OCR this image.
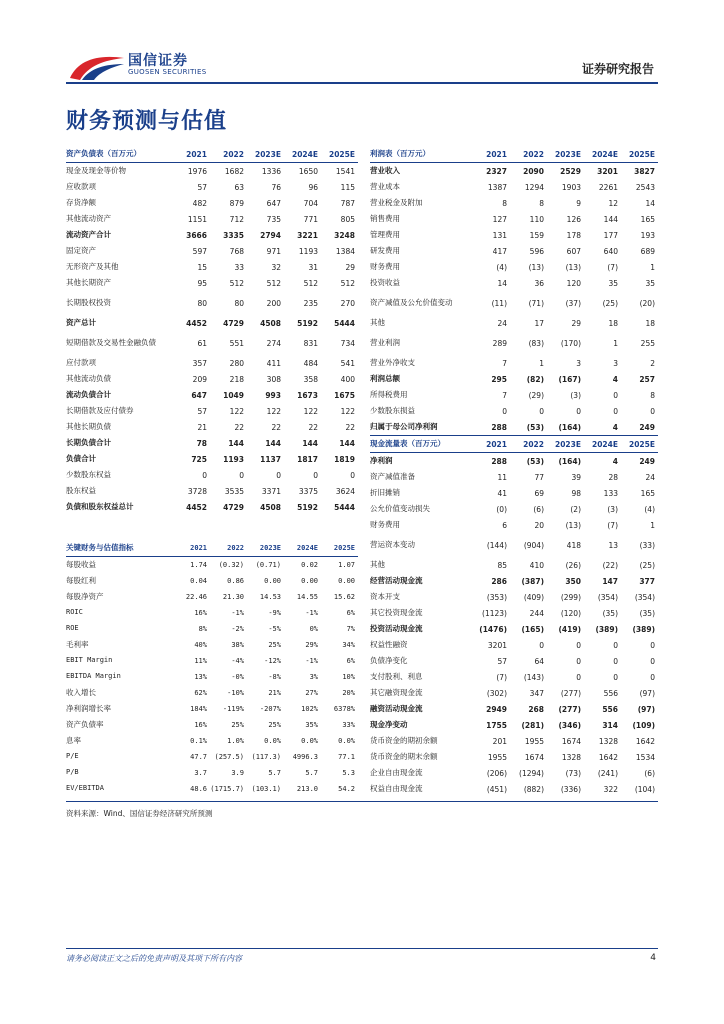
国信证券
GUOSEN SECURITIES	证券研究报告
财务预测与估值
资产负债表（百万元）	2021	2022	2023E	2024E	2025E
现金及现金等价物	1976	1682	1336	1650	1541
应收款项	57	63	76	96	115
存货净额	482	879	647	704	787
其他流动资产	1151	712	735	771	805
流动资产合计	3666	3335	2794	3221	3248
固定资产	597	768	971	1193	1384
无形资产及其他	15	33	32	31	29
其他长期资产	95	512	512	512	512
长期股权投资	80	80	200	235	270
资产总计	4452	4729	4508	5192	5444
短期借款及交易性金融负债	61	551	274	831	734
应付款项	357	280	411	484	541
其他流动负债	209	218	308	358	400
流动负债合计	647	1049	993	1673	1675
长期借款及应付债券	57	122	122	122	122
其他长期负债	21	22	22	22	22
长期负债合计	78	144	144	144	144
负债合计	725	1193	1137	1817	1819
少数股东权益	0	0	0	0	0
股东权益	3728	3535	3371	3375	3624
负债和股东权益总计	4452	4729	4508	5192	5444
关键财务与估值指标	2021	2022	2023E	2024E	2025E
每股收益	1.74	(0.32)	(0.71)	0.02	1.07
每股红利	0.04	0.86	0.00	0.00	0.00
每股净资产	22.46	21.30	14.53	14.55	15.62
ROIC	16%	-1%	-9%	-1%	6%
ROE	8%	-2%	-5%	0%	7%
毛利率	40%	38%	25%	29%	34%
EBIT Margin	11%	-4%	-12%	-1%	6%
EBITDA Margin	13%	-0%	-8%	3%	10%
收入增长	62%	-10%	21%	27%	20%
净利润增长率	184%	-119%	-207%	102%	6378%
资产负债率	16%	25%	25%	35%	33%
息率	0.1%	1.0%	0.0%	0.0%	0.0%
P/E	47.7	(257.5)	(117.3)	4996.3	77.1
P/B	3.7	3.9	5.7	5.7	5.3
EV/EBITDA	48.6 (1715.7)	(103.1)	213.0	54.2
利润表（百万元）	2021	2022	2023E	2024E	2025E
营业收入	2327	2090	2529	3201	3827
营业成本	1387	1294	1903	2261	2543
营业税金及附加	8	8	9	12	14
销售费用	127	110	126	144	165
管理费用	131	159	178	177	193
研发费用	417	596	607	640	689
财务费用	(4)	(13)	(13)	(7)	1
投资收益	14	36	120	35	35
资产减值及公允价值变动	(11)	(71)	(37)	(25)	(20)
其他	24	17	29	18	18
营业利润	289	(83)	(170)	1	255
营业外净收支	7	1	3	3	2
利润总额	295	(82)	(167)	4	257
所得税费用	7	(29)	(3)	0	8
少数股东损益	0	0	0	0	0
归属于母公司净利润	288	(53)	(164)	4	249
现金流量表（百万元）	2021	2022	2023E	2024E	2025E
净利润	288	(53)	(164)	4	249
资产减值准备	11	77	39	28	24
折旧摊销	41	69	98	133	165
公允价值变动损失	(0)	(6)	(2)	(3)	(4)
财务费用	6	20	(13)	(7)	1
营运资本变动	(144)	(904)	418	13	(33)
其他	85	410	(26)	(22)	(25)
经营活动现金流	286	(387)	350	147	377
资本开支	(353)	(409)	(299)	(354)	(354)
其它投资现金流	(1123)	244	(120)	(35)	(35)
投资活动现金流	(1476)	(165)	(419)	(389)	(389)
权益性融资	3201	0	0	0	0
负债净变化	57	64	0	0	0
支付股利、利息	(7)	(143)	0	0	0
其它融资现金流	(302)	347	(277)	556	(97)
融资活动现金流	2949	268	(277)	556	(97)
现金净变动	1755	(281)	(346)	314	(109)
货币资金的期初余额	201	1955	1674	1328	1642
货币资金的期末余额	1955	1674	1328	1642	1534
企业自由现金流	(206)	(1294)	(73)	(241)	(6)
权益自由现金流	(451)	(882)	(336)	322	(104)
资料来源：Wind、国信证券经济研究所预测
请务必阅读正文之后的免责声明及其项下所有内容	4
